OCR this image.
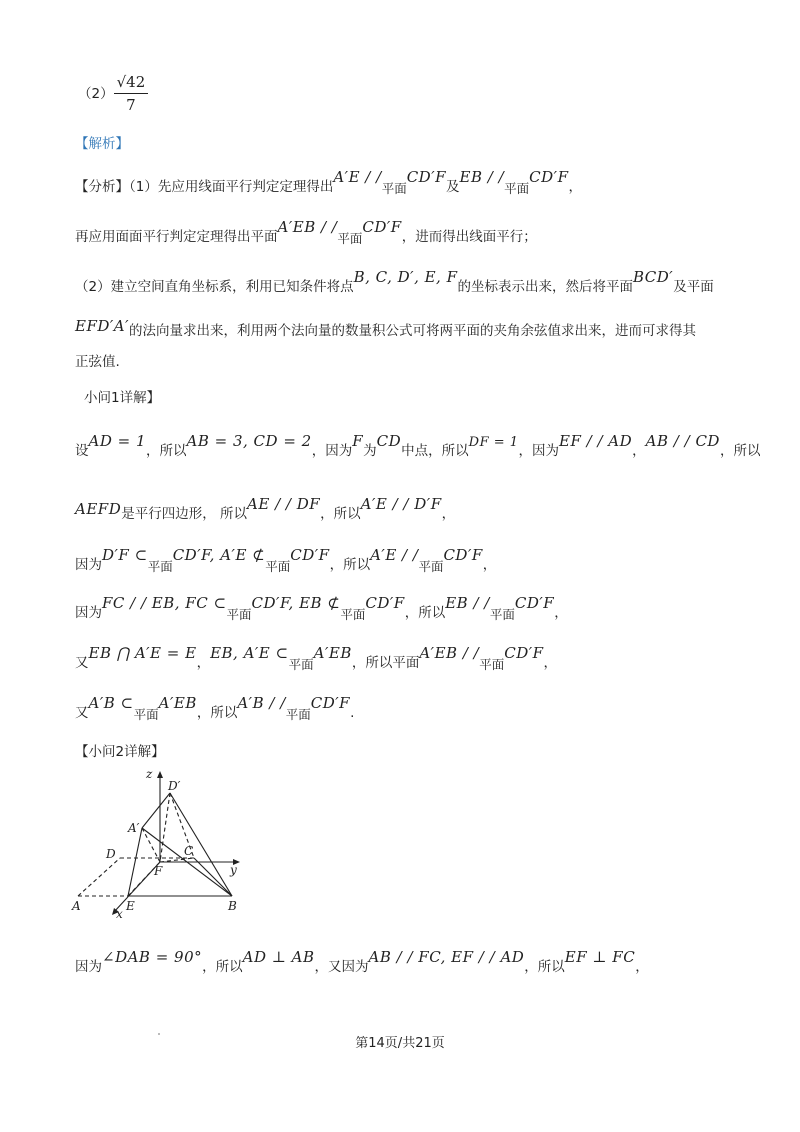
$(2) \frac{√42}{7}$
【解析】
【分析】（1）先应用线面平行判定定理得出A′E / /平面CD′F及EB / /平面CD′F，
再应用面面平行判定定理得出平面A′EB / /平面CD′F，进而得出线面平行；
（2）建立空间直角坐标系，利用已知条件将点B, C, D′, E, F的坐标表示出来，然后将平面BCD′及平面
EFD′A′的法向量求出来，利用两个法向量的数量积公式可将两平面的夹角余弦值求出来，进而可求得其
正弦值.
小问1详解】
设AD = 1，所以AB = 3, CD = 2，因为F为CD中点，所以DF = 1，因为EF / / AD，AB / / CD，所以
AEFD是平行四边形， 所以AE / / DF，所以A′E / / D′F，
因为D′F ⊂平面CD′F, A′E ⊄平面CD′F，所以A′E / /平面CD′F，
因为FC / / EB, FC ⊂平面CD′F, EB ⊄平面CD′F，所以EB / /平面CD′F，
又EB ⋂ A′E = E，EB, A′E ⊂平面A′EB，所以平面A′EB / /平面CD′F，
又A′B ⊂平面A′EB，所以A′B / /平面CD′F.
【小问2详解】
z
D′
A′
D	C
y
F
A	E	B
x
因为∠DAB = 90°，所以AD ⊥ AB，又因为AB / / FC, EF / / AD，所以EF ⊥ FC，
第14页/共21页
